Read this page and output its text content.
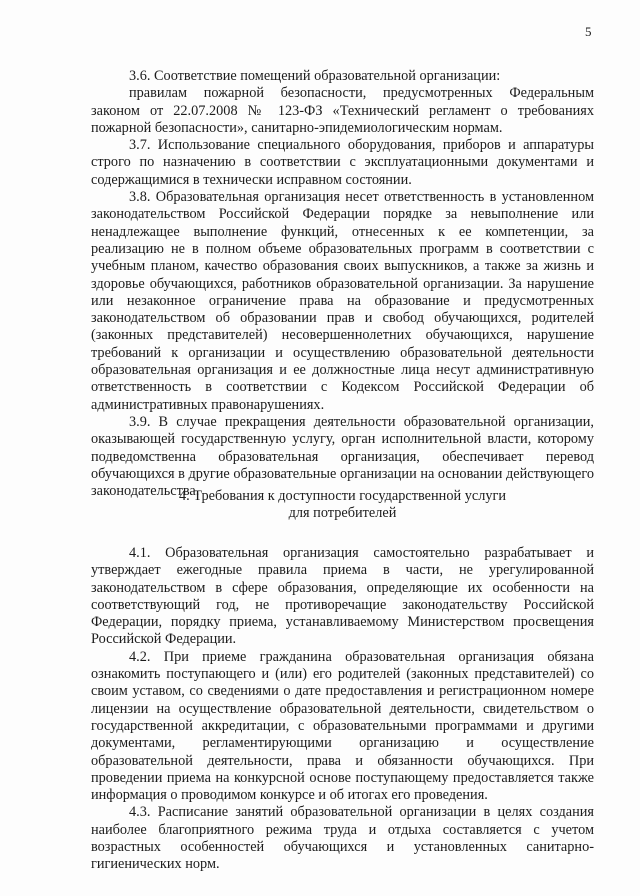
5

3.6. Соответствие помещений образовательной организации:

правилам пожарной безопасности, предусмотренных Федеральным законом от 22.07.2008 № 123-ФЗ «Технический регламент о требованиях пожарной безопасности», санитарно-эпидемиологическим нормам.

3.7. Использование специального оборудования, приборов и аппаратуры строго по назначению в соответствии с эксплуатационными документами и содержащимися в технически исправном состоянии.

3.8. Образовательная организация несет ответственность в установленном законодательством Российской Федерации порядке за невыполнение или ненадлежащее выполнение функций, отнесенных к ее компетенции, за реализацию не в полном объеме образовательных программ в соответствии с учебным планом, качество образования своих выпускников, а также за жизнь и здоровье обучающихся, работников образовательной организации. За нарушение или незаконное ограничение права на образование и предусмотренных законодательством об образовании прав и свобод обучающихся, родителей (законных представителей) несовершеннолетних обучающихся, нарушение требований к организации и осуществлению образовательной деятельности образовательная организация и ее должностные лица несут административную ответственность в соответствии с Кодексом Российской Федерации об административных правонарушениях.

3.9. В случае прекращения деятельности образовательной организации, оказывающей государственную услугу, орган исполнительной власти, которому подведомственна образовательная организация, обеспечивает перевод обучающихся в другие образовательные организации на основании действующего законодательства.

4. Требования к доступности государственной услуги
для потребителей

4.1. Образовательная организация самостоятельно разрабатывает и утверждает ежегодные правила приема в части, не урегулированной законодательством в сфере образования, определяющие их особенности на соответствующий год, не противоречащие законодательству Российской Федерации, порядку приема, устанавливаемому Министерством просвещения Российской Федерации.

4.2. При приеме гражданина образовательная организация обязана ознакомить поступающего и (или) его родителей (законных представителей) со своим уставом, со сведениями о дате предоставления и регистрационном номере лицензии на осуществление образовательной деятельности, свидетельством о государственной аккредитации, с образовательными программами и другими документами, регламентирующими организацию и осуществление образовательной деятельности, права и обязанности обучающихся. При проведении приема на конкурсной основе поступающему предоставляется также информация о проводимом конкурсе и об итогах его проведения.

4.3. Расписание занятий образовательной организации в целях создания наиболее благоприятного режима труда и отдыха составляется с учетом возрастных особенностей обучающихся и установленных санитарно-гигиенических норм.
